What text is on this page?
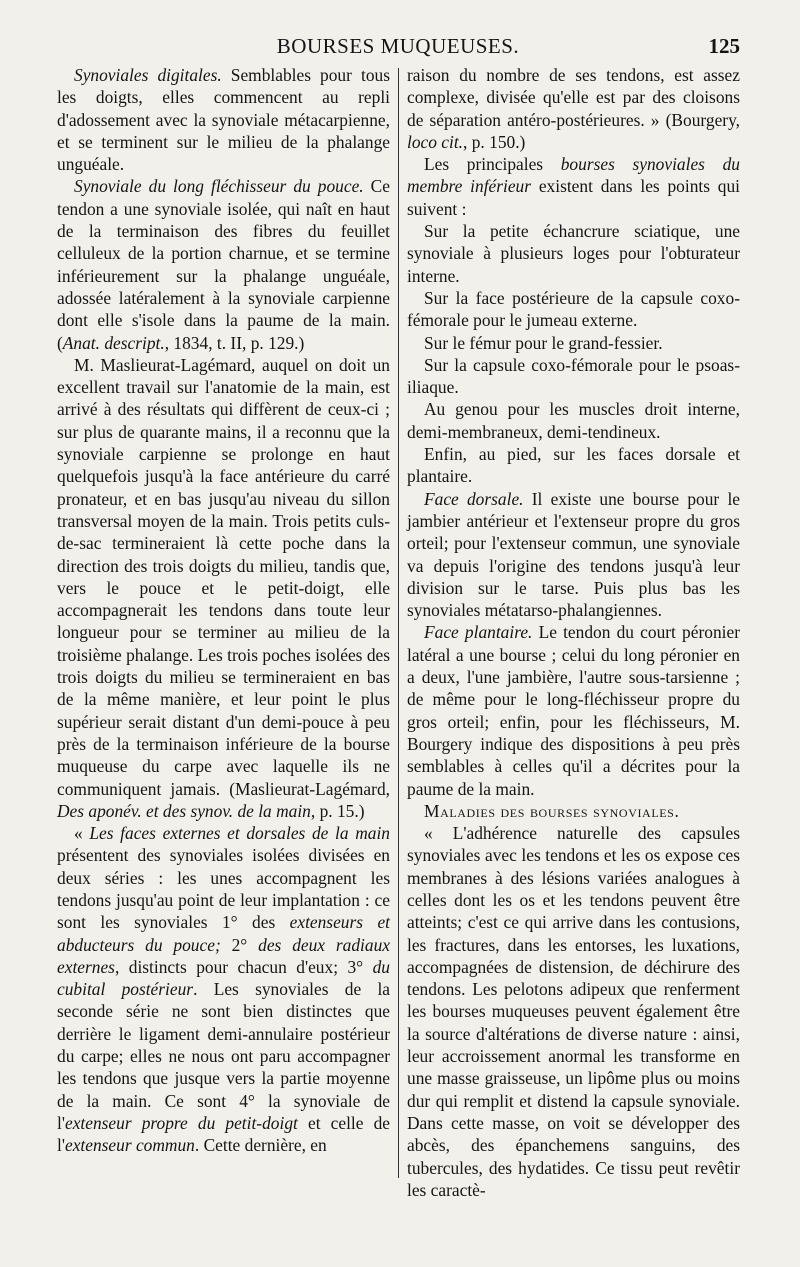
BOURSES MUQUEUSES.	125

Synoviales digitales. Semblables pour tous les doigts, elles commencent au repli d'adossement avec la synoviale métacarpienne, et se terminent sur le milieu de la phalange unguéale.

Synoviale du long fléchisseur du pouce. Ce tendon a une synoviale isolée, qui naît en haut de la terminaison des fibres du feuillet celluleux de la portion charnue, et se termine inférieurement sur la phalange unguéale, adossée latéralement à la synoviale carpienne dont elle s'isole dans la paume de la main. (Anat. descript., 1834, t. II, p. 129.)

M. Maslieurat-Lagémard, auquel on doit un excellent travail sur l'anatomie de la main, est arrivé à des résultats qui diffèrent de ceux-ci ; sur plus de quarante mains, il a reconnu que la synoviale carpienne se prolonge en haut quelquefois jusqu'à la face antérieure du carré pronateur, et en bas jusqu'au niveau du sillon transversal moyen de la main. Trois petits culs-de-sac termineraient là cette poche dans la direction des trois doigts du milieu, tandis que, vers le pouce et le petit-doigt, elle accompagnerait les tendons dans toute leur longueur pour se terminer au milieu de la troisième phalange. Les trois poches isolées des trois doigts du milieu se termineraient en bas de la même manière, et leur point le plus supérieur serait distant d'un demi-pouce à peu près de la terminaison inférieure de la bourse muqueuse du carpe avec laquelle ils ne communiquent jamais. (Maslieurat-Lagémard, Des aponév. et des synov. de la main, p. 15.)

« Les faces externes et dorsales de la main présentent des synoviales isolées divisées en deux séries : les unes accompagnent les tendons jusqu'au point de leur implantation : ce sont les synoviales 1° des extenseurs et abducteurs du pouce; 2° des deux radiaux externes, distincts pour chacun d'eux; 3° du cubital postérieur. Les synoviales de la seconde série ne sont bien distinctes que derrière le ligament demi-annulaire postérieur du carpe; elles ne nous ont paru accompagner les tendons que jusque vers la partie moyenne de la main. Ce sont 4° la synoviale de l'extenseur propre du petit-doigt et celle de l'extenseur commun. Cette dernière, en

raison du nombre de ses tendons, est assez complexe, divisée qu'elle est par des cloisons de séparation antéro-postérieures. » (Bourgery, loco cit., p. 150.)

Les principales bourses synoviales du membre inférieur existent dans les points qui suivent :

Sur la petite échancrure sciatique, une synoviale à plusieurs loges pour l'obturateur interne.

Sur la face postérieure de la capsule coxo-fémorale pour le jumeau externe.

Sur le fémur pour le grand-fessier.

Sur la capsule coxo-fémorale pour le psoas-iliaque.

Au genou pour les muscles droit interne, demi-membraneux, demi-tendineux.

Enfin, au pied, sur les faces dorsale et plantaire.

Face dorsale. Il existe une bourse pour le jambier antérieur et l'extenseur propre du gros orteil; pour l'extenseur commun, une synoviale va depuis l'origine des tendons jusqu'à leur division sur le tarse. Puis plus bas les synoviales métatarso-phalangiennes.

Face plantaire. Le tendon du court péronier latéral a une bourse ; celui du long péronier en a deux, l'une jambière, l'autre sous-tarsienne ; de même pour le long-fléchisseur propre du gros orteil; enfin, pour les fléchisseurs, M. Bourgery indique des dispositions à peu près semblables à celles qu'il a décrites pour la paume de la main.

Maladies des bourses synoviales.

« L'adhérence naturelle des capsules synoviales avec les tendons et les os expose ces membranes à des lésions variées analogues à celles dont les os et les tendons peuvent être atteints; c'est ce qui arrive dans les contusions, les fractures, dans les entorses, les luxations, accompagnées de distension, de déchirure des tendons. Les pelotons adipeux que renferment les bourses muqueuses peuvent également être la source d'altérations de diverse nature : ainsi, leur accroissement anormal les transforme en une masse graisseuse, un lipôme plus ou moins dur qui remplit et distend la capsule synoviale. Dans cette masse, on voit se développer des abcès, des épanchemens sanguins, des tubercules, des hydatides. Ce tissu peut revêtir les caractè-
